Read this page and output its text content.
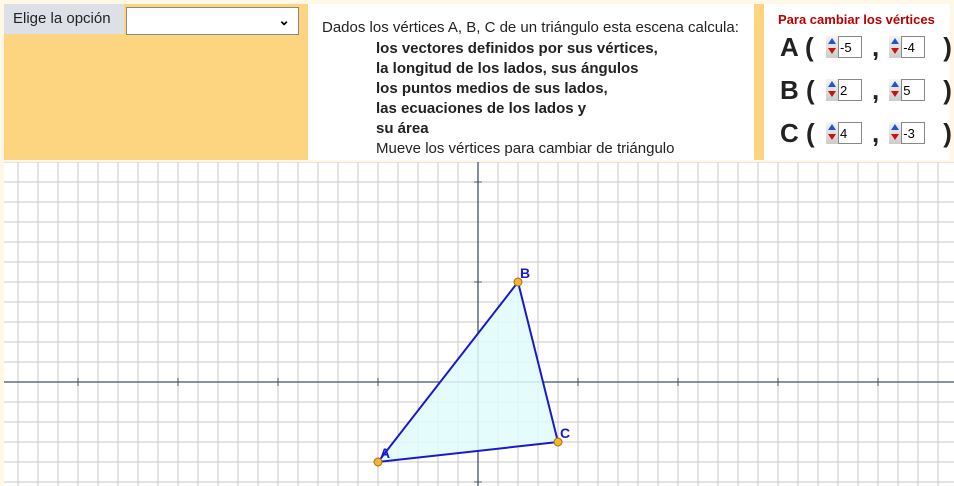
Elige la opción	⌄ Dados los vértices A, B, C de un triángulo esta escena calcula:
los vectores definidos por sus vértices,
la longitud de los lados, sus ángulos
los puntos medios de sus lados,
las ecuaciones de los lados y
su área
Mueve los vértices para cambiar de triángulo
Para cambiar los vértices
A (
-5	,
-4 )
B (
2 ,
5 )
C (
4 ,
-3 )
A
B
C
